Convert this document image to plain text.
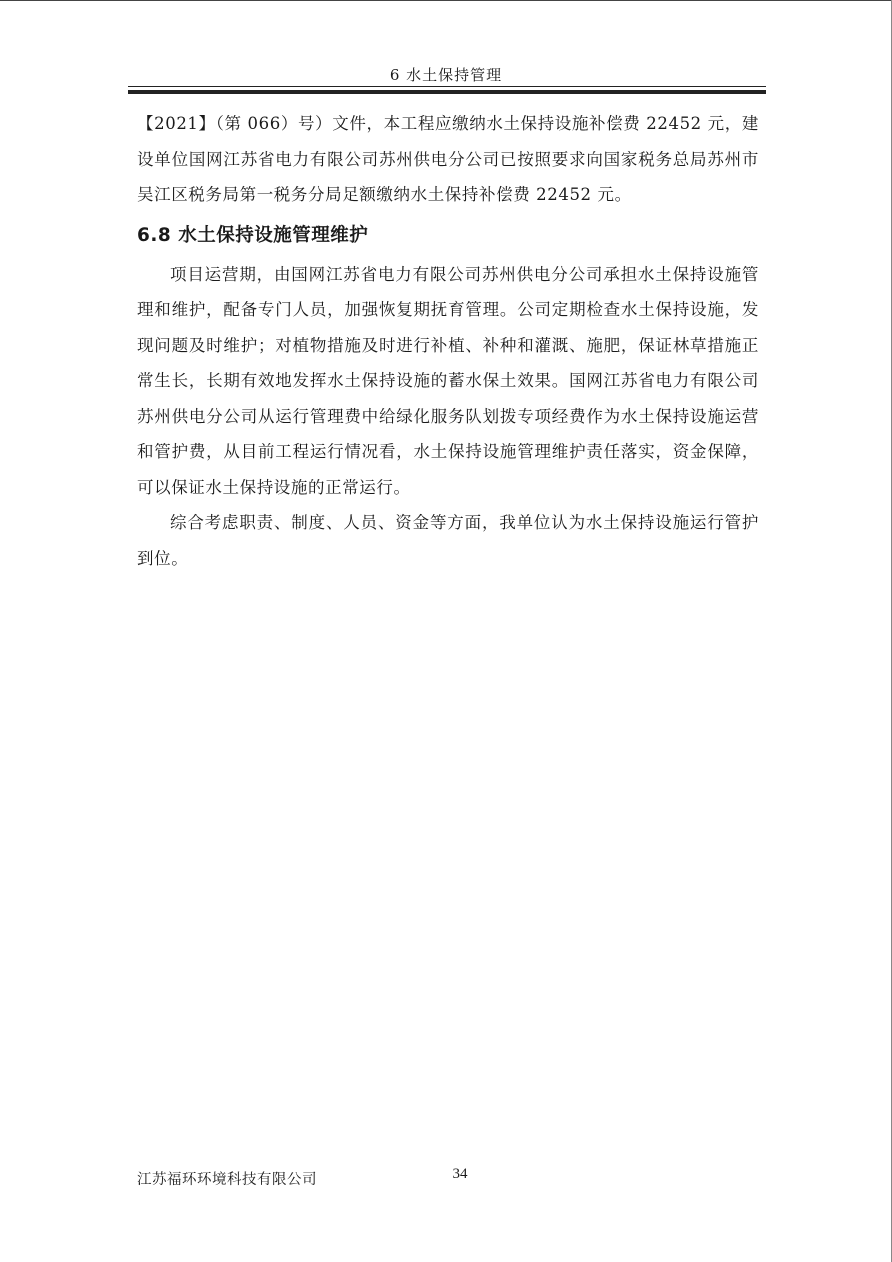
6 水土保持管理

【2021】（第 066）号）文件，本工程应缴纳水土保持设施补偿费 22452 元，建设单位国网江苏省电力有限公司苏州供电分公司已按照要求向国家税务总局苏州市吴江区税务局第一税务分局足额缴纳水土保持补偿费 22452 元。

6.8 水土保持设施管理维护

项目运营期，由国网江苏省电力有限公司苏州供电分公司承担水土保持设施管理和维护，配备专门人员，加强恢复期抚育管理。公司定期检查水土保持设施，发现问题及时维护；对植物措施及时进行补植、补种和灌溉、施肥，保证林草措施正常生长，长期有效地发挥水土保持设施的蓄水保土效果。国网江苏省电力有限公司苏州供电分公司从运行管理费中给绿化服务队划拨专项经费作为水土保持设施运营和管护费，从目前工程运行情况看，水土保持设施管理维护责任落实，资金保障，可以保证水土保持设施的正常运行。

综合考虑职责、制度、人员、资金等方面，我单位认为水土保持设施运行管护到位。

江苏福环环境科技有限公司	34
